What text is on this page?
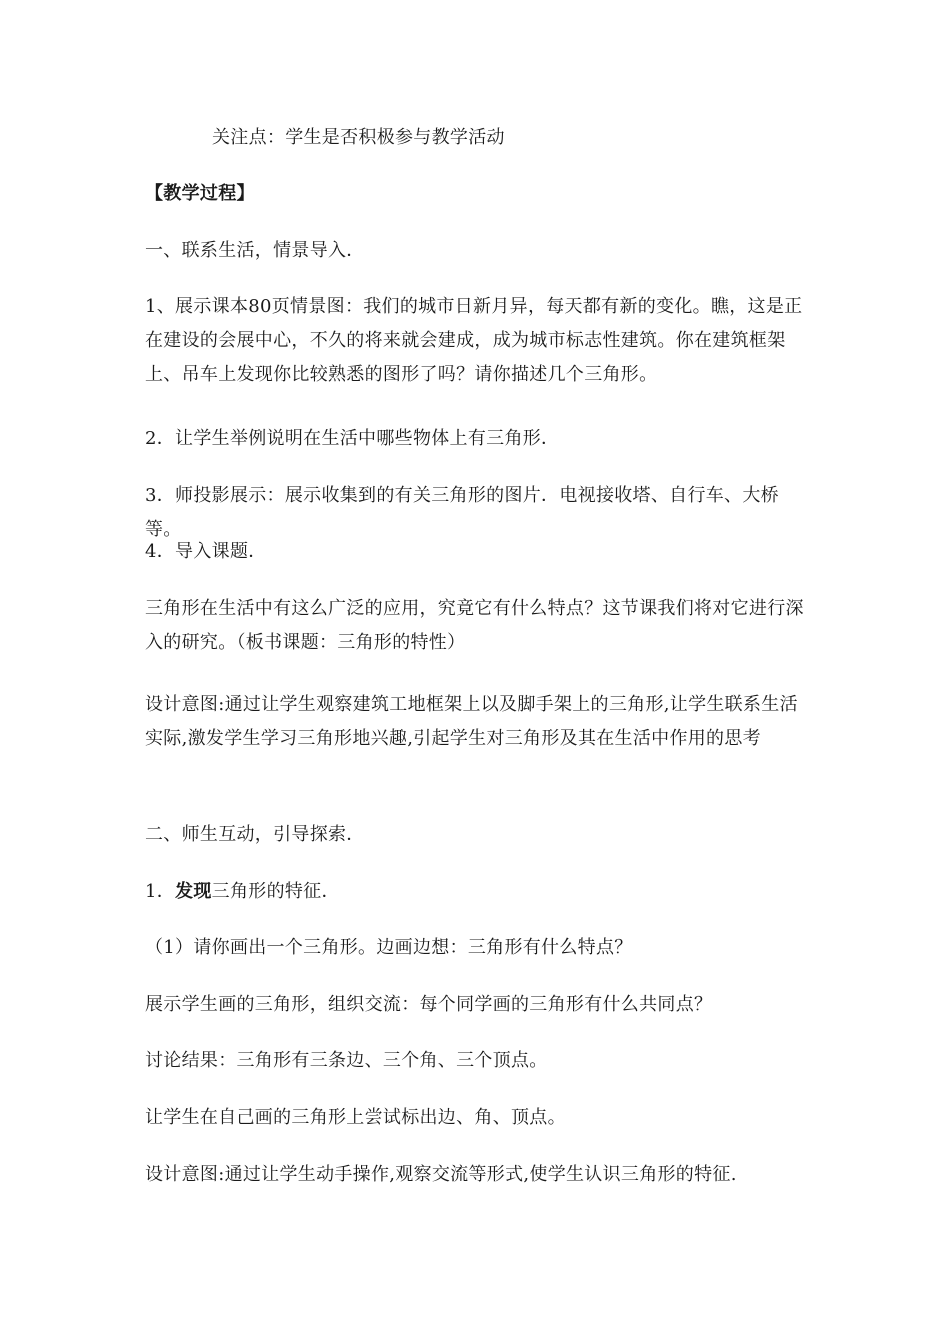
关注点：学生是否积极参与教学活动

【教学过程】

一、联系生活，情景导入．

1、展示课本80页情景图：我们的城市日新月异，每天都有新的变化。瞧，这是正在建设的会展中心，不久的将来就会建成，成为城市标志性建筑。你在建筑框架上、吊车上发现你比较熟悉的图形了吗？请你描述几个三角形。

2．让学生举例说明在生活中哪些物体上有三角形．

3．师投影展示：展示收集到的有关三角形的图片．电视接收塔、自行车、大桥等。

4．导入课题．

三角形在生活中有这么广泛的应用，究竟它有什么特点？这节课我们将对它进行深入的研究。（板书课题：三角形的特性）

设计意图:通过让学生观察建筑工地框架上以及脚手架上的三角形,让学生联系生活实际,激发学生学习三角形地兴趣,引起学生对三角形及其在生活中作用的思考

二、师生互动，引导探索．

1．发现三角形的特征．

（1）请你画出一个三角形。边画边想：三角形有什么特点？

展示学生画的三角形，组织交流：每个同学画的三角形有什么共同点？

讨论结果：三角形有三条边、三个角、三个顶点。

让学生在自己画的三角形上尝试标出边、角、顶点。

设计意图:通过让学生动手操作,观察交流等形式,使学生认识三角形的特征.
